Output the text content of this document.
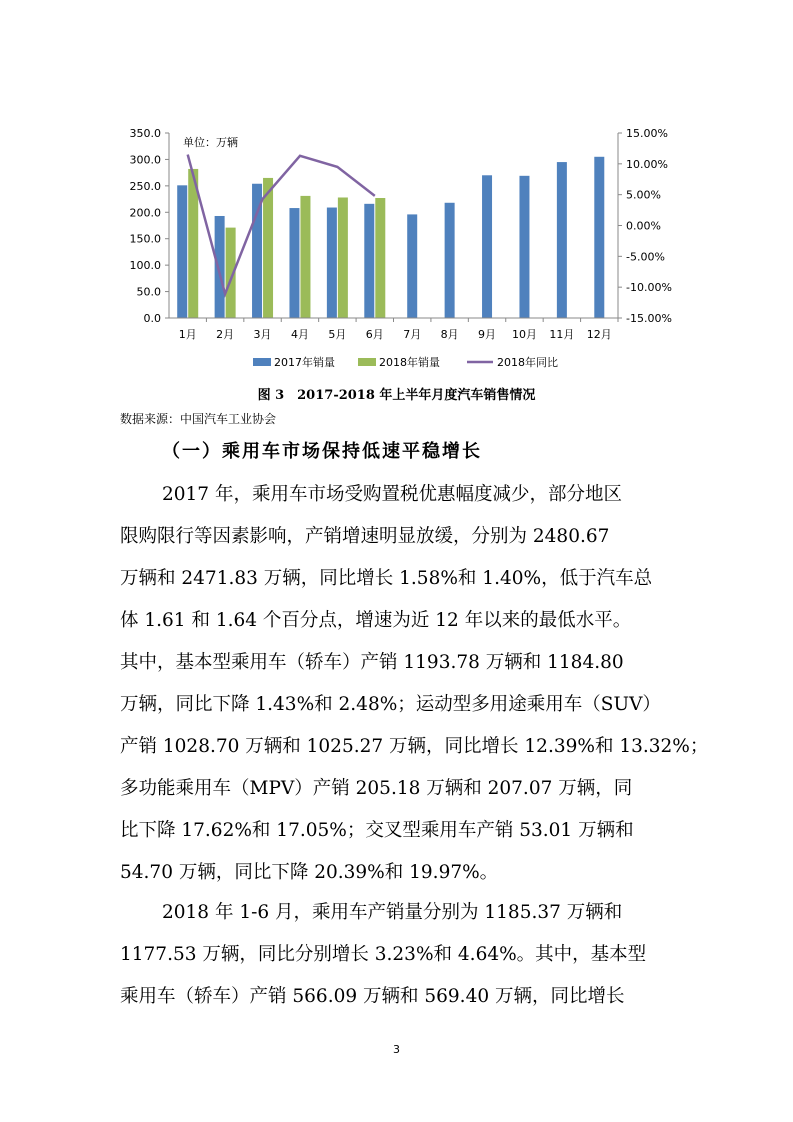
0.0
50.0
100.0
150.0
200.0
250.0
300.0
350.0
-15.00%
-10.00%
-5.00%
0.00%
5.00%
10.00%
15.00%
1月 2月 3月 4月 5月 6月 7月 8月 9月 10月 11月 12月
单位：万辆
2017年销量	2018年销量	2018年同比
图 3　2017-2018 年上半年月度汽车销售情况
数据来源：中国汽车工业协会
（一）乘用车市场保持低速平稳增长
2017 年，乘用车市场受购置税优惠幅度减少，部分地区
限购限行等因素影响，产销增速明显放缓，分别为 2480.67
万辆和 2471.83 万辆，同比增长 1.58%和 1.40%，低于汽车总
体 1.61 和 1.64 个百分点，增速为近 12 年以来的最低水平。
其中，基本型乘用车（轿车）产销 1193.78 万辆和 1184.80
万辆，同比下降 1.43%和 2.48%；运动型多用途乘用车（SUV）
产销 1028.70 万辆和 1025.27 万辆，同比增长 12.39%和 13.32%；
多功能乘用车（MPV）产销 205.18 万辆和 207.07 万辆，同
比下降 17.62%和 17.05%；交叉型乘用车产销 53.01 万辆和
54.70 万辆，同比下降 20.39%和 19.97%。
2018 年 1-6 月，乘用车产销量分别为 1185.37 万辆和
1177.53 万辆，同比分别增长 3.23%和 4.64%。其中，基本型
乘用车（轿车）产销 566.09 万辆和 569.40 万辆，同比增长
3
